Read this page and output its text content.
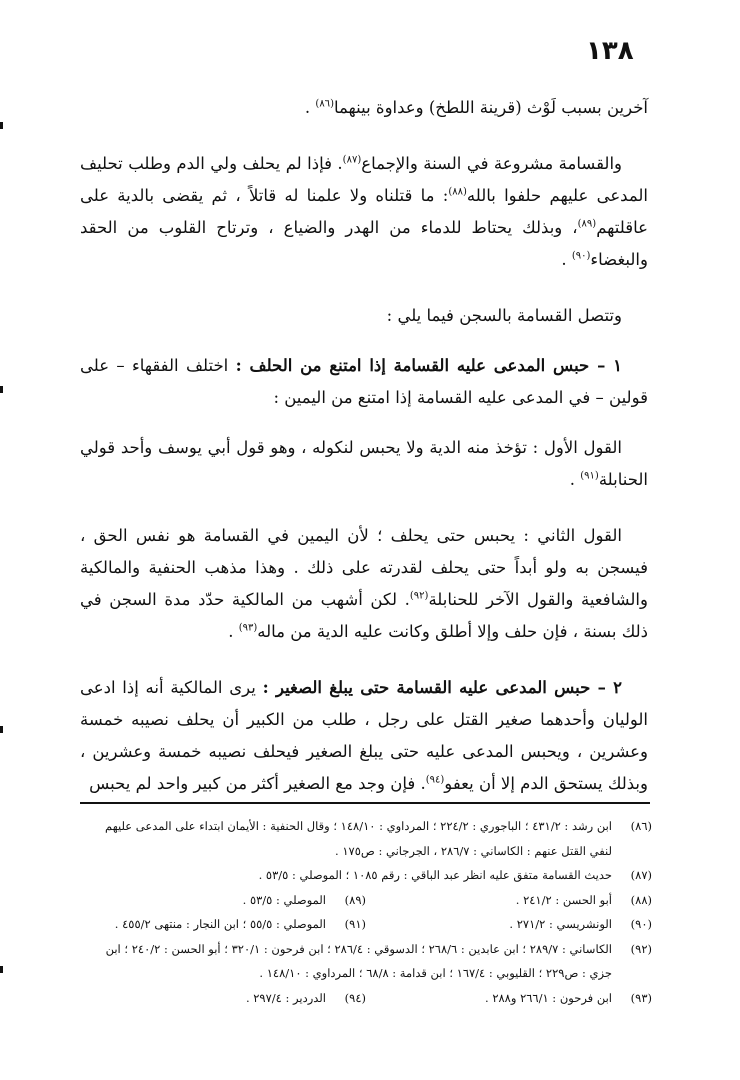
١٣٨

آخرين بسبب لَوْث (قرينة اللطخ) وعداوة بينهما$^{(٨٦)}$ .

والقسامة مشروعة في السنة والإجماع$^{(٨٧)}$. فإذا لم يحلف ولي الدم وطلب تحليف المدعى عليهم حلفوا بالله$^{(٨٨)}$: ما قتلناه ولا علمنا له قاتلاً ، ثم يقضى بالدية على عاقلتهم$^{(٨٩)}$، وبذلك يحتاط للدماء من الهدر والضياع ، وترتاح القلوب من الحقد والبغضاء$^{(٩٠)}$ .

وتتصل القسامة بالسجن فيما يلي :

١ – حبس المدعى عليه القسامة إذا امتنع من الحلف : اختلف الفقهاء – على قولين – في المدعى عليه القسامة إذا امتنع من اليمين :

القول الأول : تؤخذ منه الدية ولا يحبس لنكوله ، وهو قول أبي يوسف وأحد قولي الحنابلة$^{(٩١)}$ .

القول الثاني : يحبس حتى يحلف ؛ لأن اليمين في القسامة هو نفس الحق ، فيسجن به ولو أبداً حتى يحلف لقدرته على ذلك . وهذا مذهب الحنفية والمالكية والشافعية والقول الآخر للحنابلة$^{(٩٢)}$. لكن أشهب من المالكية حدّد مدة السجن في ذلك بسنة ، فإن حلف وإلا أطلق وكانت عليه الدية من ماله$^{(٩٣)}$ .

٢ – حبس المدعى عليه القسامة حتى يبلغ الصغير : يرى المالكية أنه إذا ادعى الوليان وأحدهما صغير القتل على رجل ، طلب من الكبير أن يحلف نصيبه خمسة وعشرين ، ويحبس المدعى عليه حتى يبلغ الصغير فيحلف نصيبه خمسة وعشرين ، وبذلك يستحق الدم إلا أن يعفو$^{(٩٤)}$. فإن وجد مع الصغير أكثر من كبير واحد لم يحبس

(٨٦)
ابن رشد : ٤٣١/٢ ؛ الباجوري : ٢٢٤/٢ ؛ المرداوي : ١٤٨/١٠ ؛ وقال الحنفية : الأيمان ابتداء على المدعى عليهم لنفي القتل عنهم : الكاساني : ٢٨٦/٧ ، الجرجاني : ص١٧٥ .
(٨٧)
حديث القسامة متفق عليه انظر عبد الباقي : رقم ١٠٨٥ ؛ الموصلي : ٥٣/٥ .
(٨٨)
أبو الحسن : ٢٤١/٢ .
(٨٩)
الموصلي : ٥٣/٥ .
(٩٠)
الونشريسي : ٢٧١/٢ .
(٩١)
الموصلي : ٥٥/٥ ؛ ابن النجار : منتهى ٤٥٥/٢ .
(٩٢)
الكاساني : ٢٨٩/٧ ؛ ابن عابدين : ٢٦٨/٦ ؛ الدسوقي : ٢٨٦/٤ ؛ ابن فرحون : ٣٢٠/١ ؛ أبو الحسن : ٢٤٠/٢ ؛ ابن جزي : ص٢٢٩ ؛ القليوبي : ١٦٧/٤ ؛ ابن قدامة : ٦٨/٨ ؛ المرداوي : ١٤٨/١٠ .
(٩٣)
ابن فرحون : ٢٦٦/١ و٢٨٨ .
(٩٤)
الدردير : ٢٩٧/٤ .
